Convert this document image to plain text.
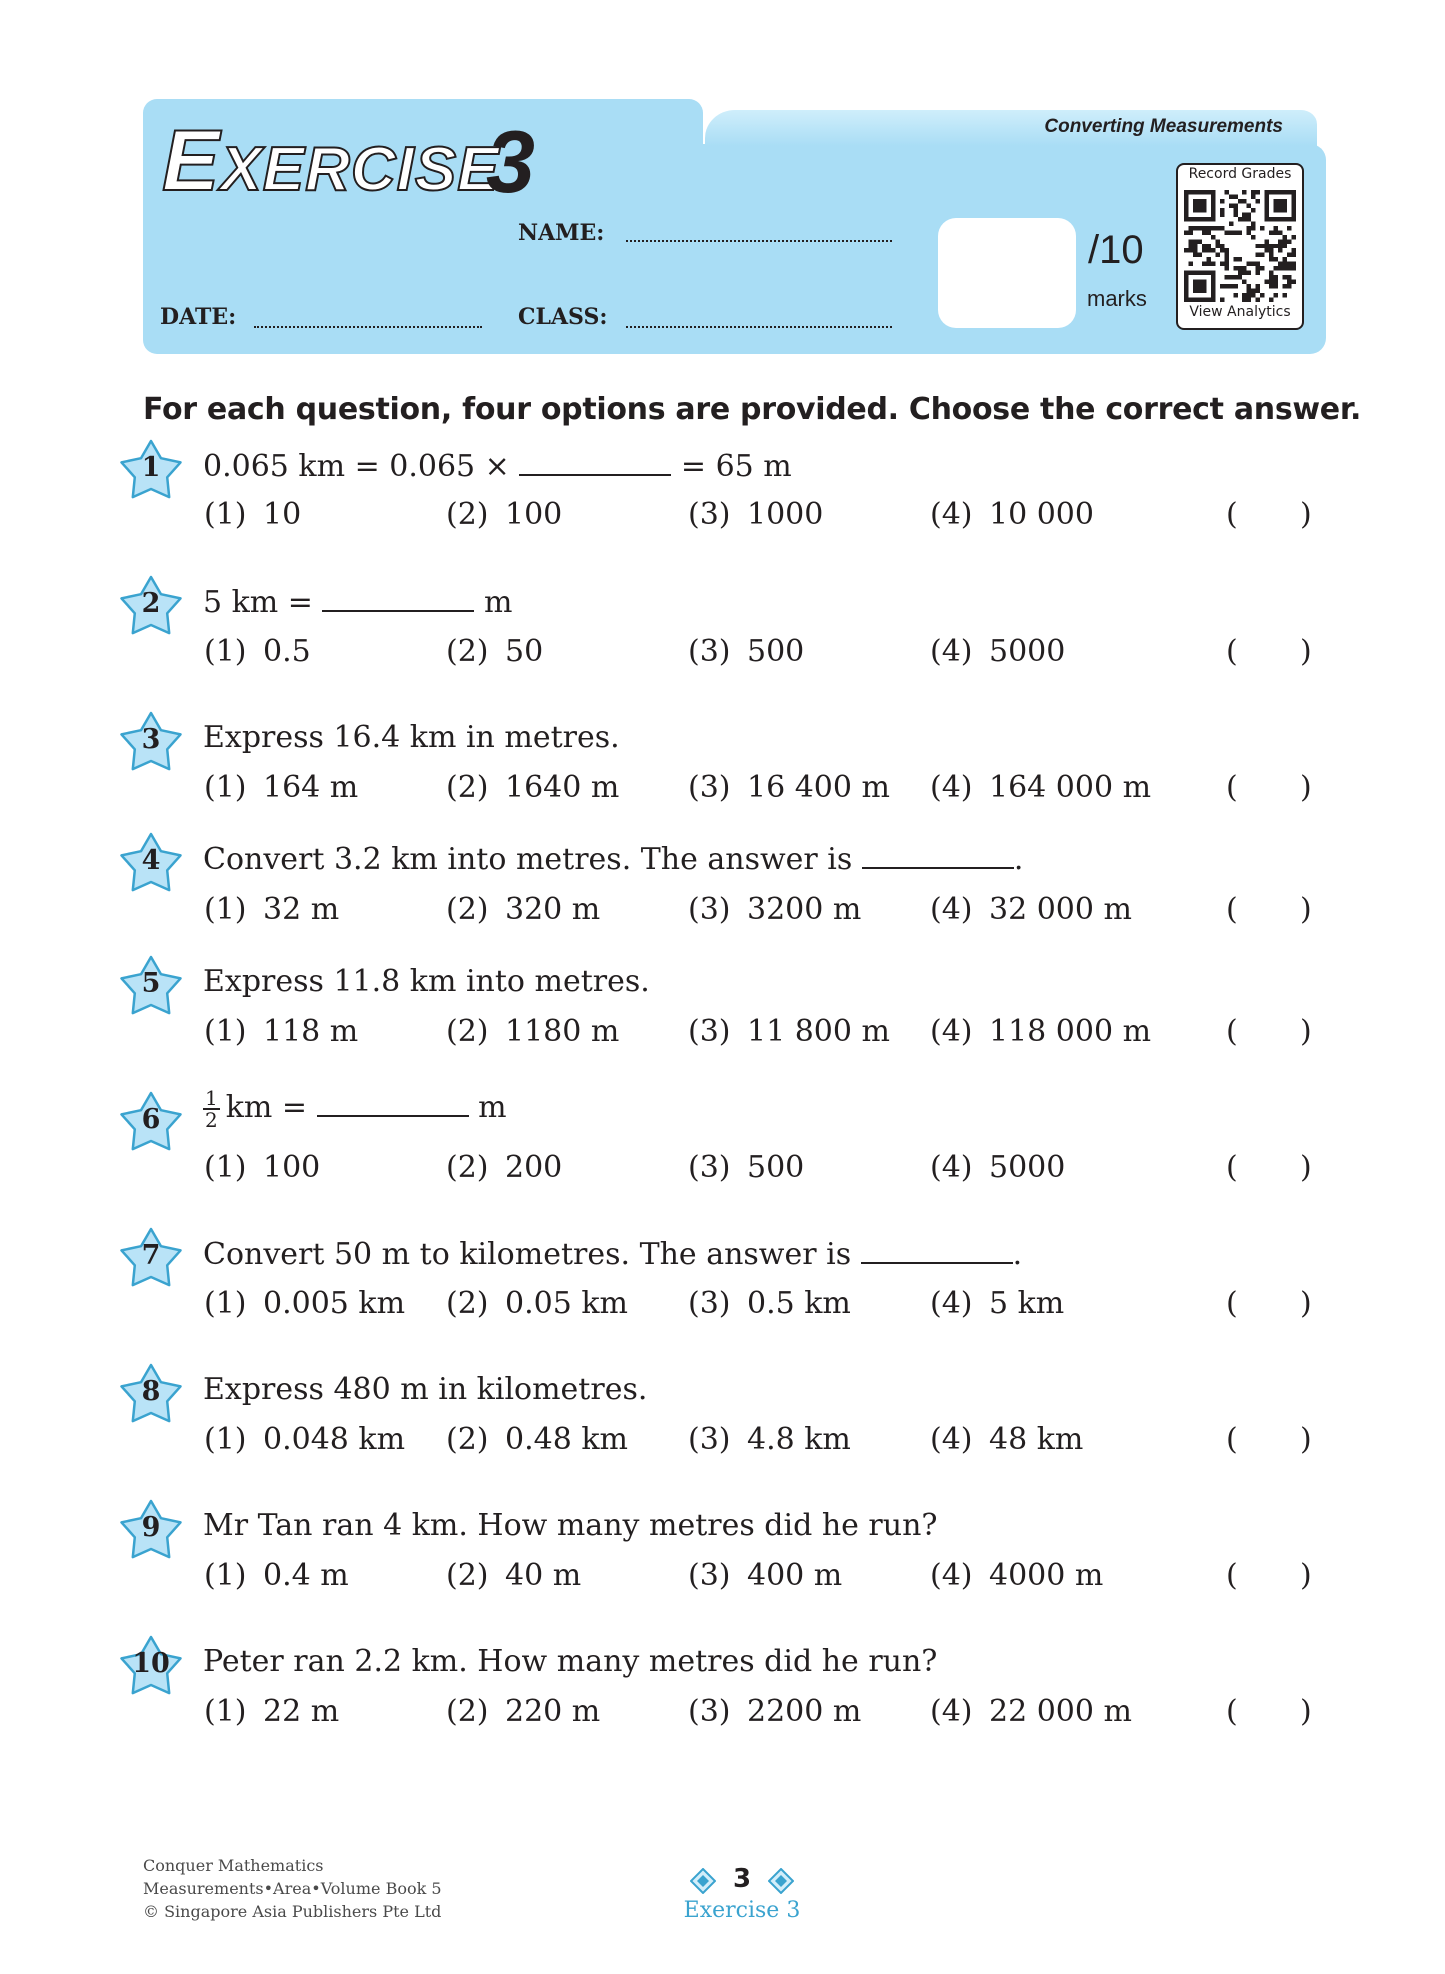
Converting Measurements
EXERCISE
3
NAME:
DATE:	CLASS:
/10
marks
Record Grades
View Analytics
For each question, four options are provided. Choose the correct answer.
1	0.065 km = 0.065 ×	= 65 m
2	5 km =	m
3	Express 16.4 km in metres.
4	Convert 3.2 km into metres. The answer is	.
5	Express 11.8 km into metres.
6	$\frac{1}{2}$ km =	m
7	Convert 50 m to kilometres. The answer is	.
8	Express 480 m in kilometres.
9	Mr Tan ran 4 km. How many metres did he run?
10	Peter ran 2.2 km. How many metres did he run?
(1) 10	(2) 100	(3) 1000	(4) 10 000	( )
(1) 0.5	(2) 50	(3) 500	(4) 5000	( )
(1) 164 m	(2) 1640 m (3) 16 400 m (4) 164 000 m ( )
(1) 32 m	(2) 320 m	(3) 3200 m (4) 32 000 m	( )
(1) 118 m	(2) 1180 m (3) 11 800 m (4) 118 000 m ( )
(1) 100	(2) 200	(3) 500	(4) 5000	( )
(1) 0.005 km (2) 0.05 km (3) 0.5 km	(4) 5 km	( )
(1) 0.048 km (2) 0.48 km (3) 4.8 km	(4) 48 km	( )
(1) 0.4 m	(2) 40 m	(3) 400 m	(4) 4000 m	( )
(1) 22 m	(2) 220 m	(3) 2200 m (4) 22 000 m	( )
Conquer Mathematics
Measurements•Area•Volume Book 5
© Singapore Asia Publishers Pte Ltd
3
Exercise 3
